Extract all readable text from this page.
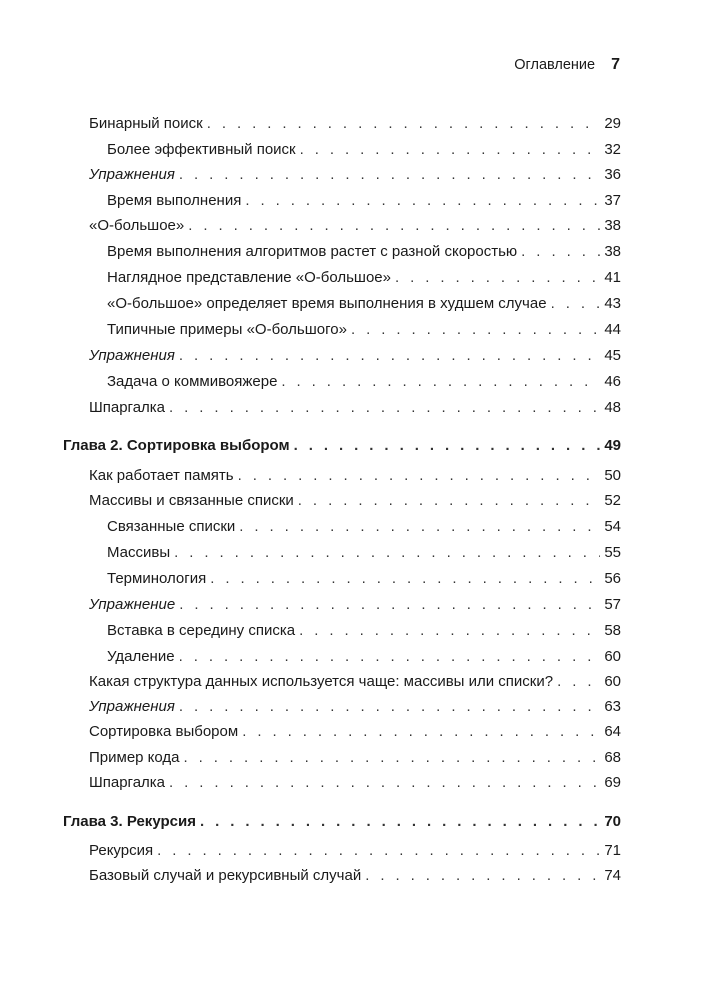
Оглавление 7
Бинарный поиск . . .	29
Более эффективный поиск . . .	32
Упражнения . . .	36
Время выполнения . . .	37
«О-большое» . . .	38
Время выполнения алгоритмов растет с разной скоростью . . .	38
Наглядное представление «О-большое» . . .	41
«О-большое» определяет время выполнения в худшем случае . . .	43
Типичные примеры «О-большого» . . .	44
Упражнения . . .	45
Задача о коммивояжере . . .	46
Шпаргалка . . .	48
Глава 2. Сортировка выбором . . .	49
Как работает память . . .	50
Массивы и связанные списки . . .	52
Связанные списки . . .	54
Массивы . . .	55
Терминология . . .	56
Упражнение . . .	57
Вставка в середину списка . . .	58
Удаление . . .	60
Какая структура данных используется чаще: массивы или списки? . . .	60
Упражнения . . .	63
Сортировка выбором . . .	64
Пример кода . . .	68
Шпаргалка . . .	69
Глава 3. Рекурсия . . .	70
Рекурсия . . .	71
Базовый случай и рекурсивный случай . . .	74
